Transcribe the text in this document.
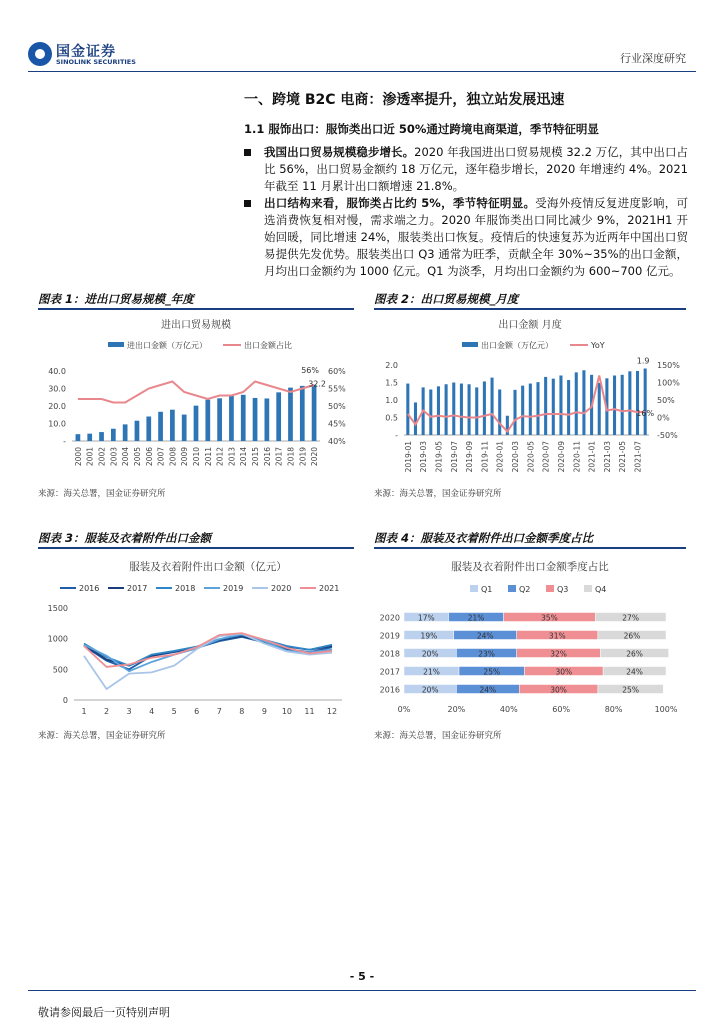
国金证券
SINOLINK SECURITIES	行业深度研究
一、跨境 B2C 电商：渗透率提升，独立站发展迅速
1.1 服饰出口：服饰类出口近 50%通过跨境电商渠道，季节特征明显
我国出口贸易规模稳步增长。2020 年我国进出口贸易规模 32.2 万亿，其中出口占比 56%，出口贸易金额约 18 万亿元，逐年稳步增长，2020 年增速约 4%。2021 年截至 11 月累计出口额增速 21.8%。
出口结构来看，服饰类占比约 5%，季节特征明显。受海外疫情反复进度影响，可选消费恢复相对慢，需求端之力。2020 年服饰类出口同比减少 9%，2021H1 开始回暖，同比增速 24%，服装类出口恢复。疫情后的快速复苏为近两年中国出口贸易提供先发优势。服装类出口 Q3 通常为旺季，贡献全年 30%~35%的出口金额，月均出口金额约为 1000 亿元。Q1 为淡季，月均出口金额约为 600~700 亿元。
图表 1：进出口贸易规模_年度
进出口贸易规模
进出口金额（万亿元）	出口金额占比
-
10.0
20.0
30.0
40.0
40%
45%
50%
55%
60%
2000 2001 2002 2003 2004 2005 2006 2007 2008 2009 2010 2011 2012 2013 2014 2015 2016 2017 2018 2019 2020
56%
32.2
来源：海关总署，国金证券研究所
图表 2：出口贸易规模_月度
出口金额 月度
出口金额（万亿元）	YoY
-
0.5
1.0
1.5
2.0
-50%
0%
50%
100%
150%
2019-01 2019-03 2019-05 2019-07 2019-09 2019-11 2020-01 2020-03 2020-05 2020-07 2020-09 2020-11 2021-01 2021-03 2021-05 2021-07
1.9
16%
来源：海关总署，国金证券研究所
图表 3：服装及衣着附件出口金额
服装及衣着附件出口金额（亿元）
2016	2017	2018	2019	2020	2021
0
500
1000
1500
1 2 3 4 5 6 7 8 9 10 11 12
来源：海关总署，国金证券研究所
图表 4：服装及衣着附件出口金额季度占比
服装及衣着附件出口金额季度占比
Q1	Q2	Q3	Q4
2020 17%	21%	35%	27%
2019	19%	24%	31%	26%
2018	20%	23%	32%	26%
2017	21%	25%	30%	24%
2016	20%	24%	30%	25%
0%	20%	40%	60%	80%	100%
来源：海关总署，国金证券研究所
- 5 -
敬请参阅最后一页特别声明
